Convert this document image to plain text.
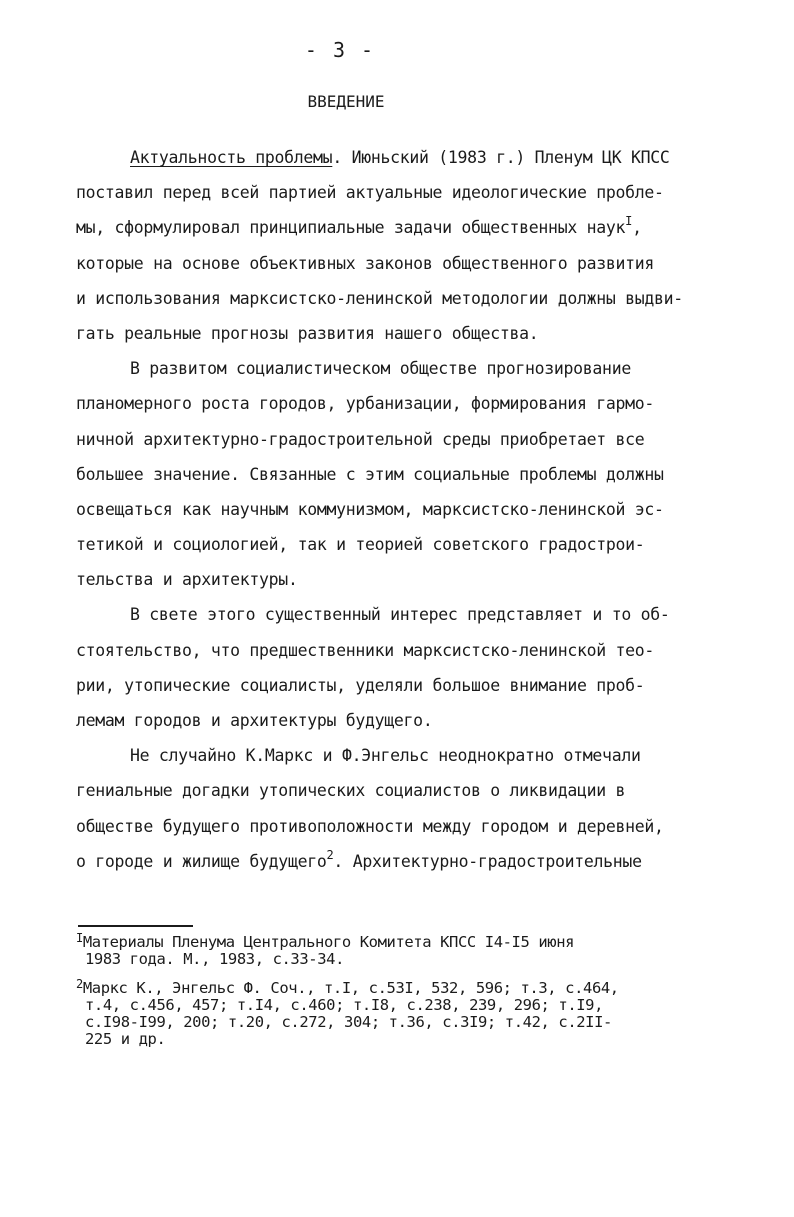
- 3 -
ВВЕДЕНИЕ
Актуальность проблемы. Июньский (1983 г.) Пленум ЦК КПСС
поставил перед всей партией актуальные идеологические пробле-
мы, сформулировал принципиальные задачи общественных наук$^I$,
которые на основе объективных законов общественного развития
и использования марксистско-ленинской методологии должны выдви-
гать реальные прогнозы развития нашего общества.
В развитом социалистическом обществе прогнозирование
планомерного роста городов, урбанизации, формирования гармо-
ничной архитектурно-градостроительной среды приобретает все
большее значение. Связанные с этим социальные проблемы должны
освещаться как научным коммунизмом, марксистско-ленинской эс-
тетикой и социологией, так и теорией советского градострои-
тельства и архитектуры.
В свете этого существенный интерес представляет и то об-
стоятельство, что предшественники марксистско-ленинской тео-
рии, утопические социалисты, уделяли большое внимание проб-
лемам городов и архитектуры будущего.
Не случайно К.Маркс и Ф.Энгельс неоднократно отмечали
гениальные догадки утопических социалистов о ликвидации в
обществе будущего противоположности между городом и деревней,
о городе и жилище будущего$^2$. Архитектурно-градостроительные
$^I$Материалы Пленума Центрального Комитета КПСС I4-I5 июня
1983 года. М., 1983, с.33-34.
$^2$Маркс К., Энгельс Ф. Соч., т.I, с.53I, 532, 596; т.3, с.464,
т.4, с.456, 457; т.I4, с.460; т.I8, с.238, 239, 296; т.I9,
с.I98-I99, 200; т.20, с.272, 304; т.36, с.3I9; т.42, с.2II-
225 и др.
